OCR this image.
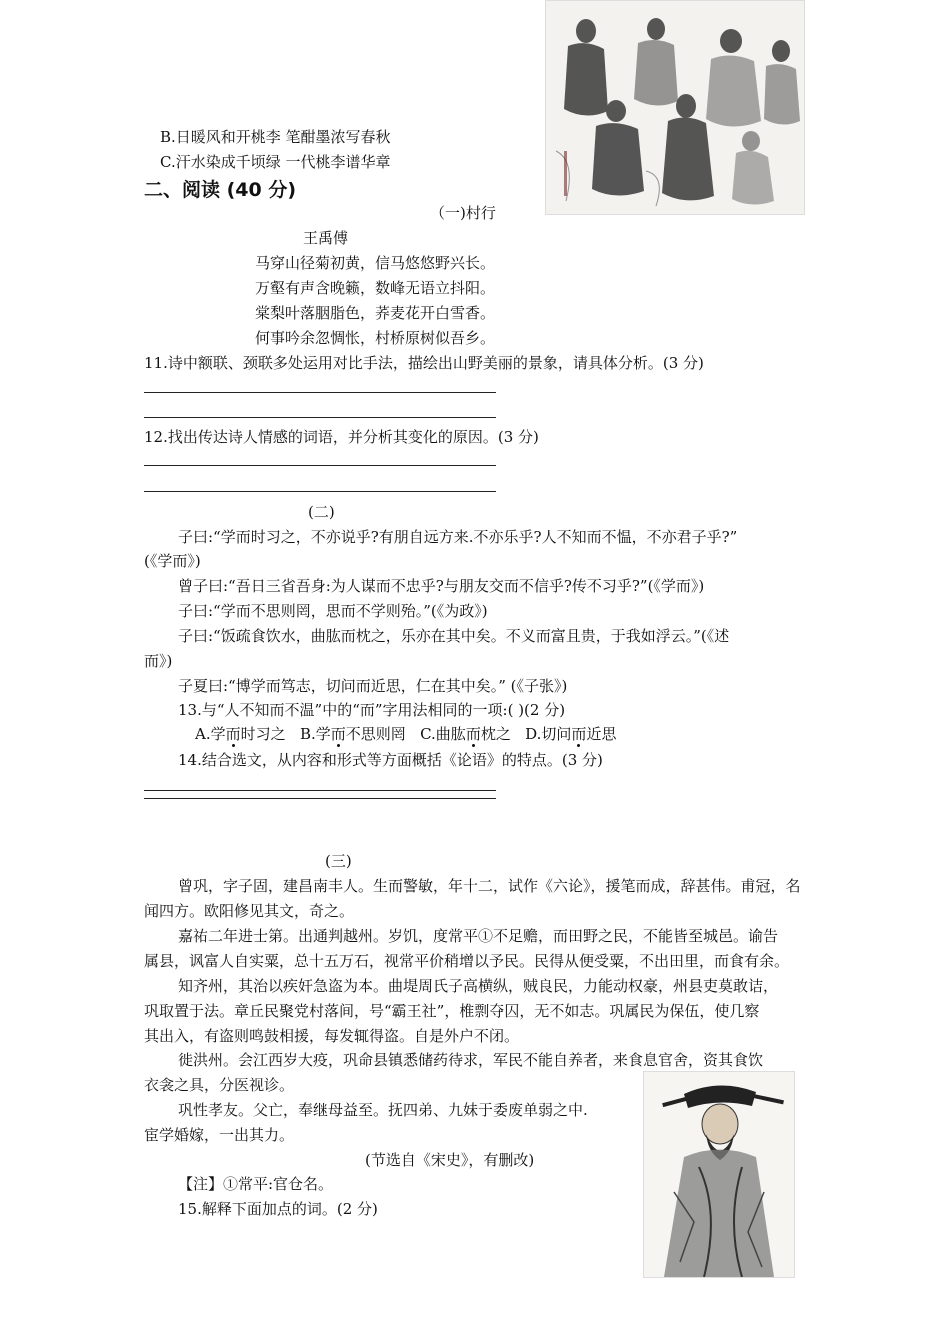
B.日暖风和开桃李 笔酣墨浓写春秋
C.汗水染成千顷绿 一代桃李谱华章
二、阅读 (40 分)
（一)村行
王禹傅
马穿山径菊初黄，信马悠悠野兴长。
万壑有声含晚籁，数峰无语立抖阳。
棠梨叶落胭脂色，荞麦花开白雪香。
何事吟余忽惆怅，村桥原树似吾乡。
11.诗中额联、颈联多处运用对比手法，描绘出山野美丽的景象，请具体分析。(3 分)
12.找出传达诗人情感的词语，并分析其变化的原因。(3 分)
(二)
子曰:“学而时习之，不亦说乎?有朋自远方来.不亦乐乎?人不知而不愠，不亦君子乎?”
(《学而》)
曾子曰:“吾日三省吾身:为人谋而不忠乎?与朋友交而不信乎?传不习乎?”(《学而》)
子曰:“学而不思则罔，思而不学则殆。”(《为政》)
子曰:“饭疏食饮水，曲肱而枕之，乐亦在其中矣。不义而富且贵，于我如浮云。”(《述
而》)
子夏曰:“博学而笃志，切问而近思，仁在其中矣。” (《子张》)
13.与“人不知而不温”中的“而”字用法相同的一项:( )(2 分)
A.学而时习之 B.学而不思则罔 C.曲肱而枕之 D.切问而近思
14.结合选文，从内容和形式等方面概括《论语》的特点。(3 分)
(三)
曾巩，字子固，建昌南丰人。生而警敏，年十二，试作《六论》，援笔而成，辞甚伟。甫冠，名
闻四方。欧阳修见其文，奇之。
嘉祐二年进士第。出通判越州。岁饥，度常平①不足赡，而田野之民，不能皆至城邑。谕告
属县，讽富人自实粟，总十五万石，视常平价稍增以予民。民得从便受粟，不出田里，而食有余。
知齐州，其治以疾奸急盗为本。曲堤周氏子高横纵，贼良民，力能动权豪，州县吏莫敢诘，
巩取置于法。章丘民聚党村落间，号“霸王社”，椎剽夺囚，无不如志。巩属民为保伍，使几察
其出入，有盗则鸣鼓相援，每发辄得盗。自是外户不闭。
徙洪州。会江西岁大疫，巩命县镇悉储药待求，军民不能自养者，来食息官舍，资其食饮
衣衾之具，分医视诊。
巩性孝友。父亡，奉继母益至。抚四弟、九妹于委废单弱之中.
宦学婚嫁，一出其力。
(节选自《宋史》，有删改)
【注】①常平:官仓名。
15.解释下面加点的词。(2 分)
